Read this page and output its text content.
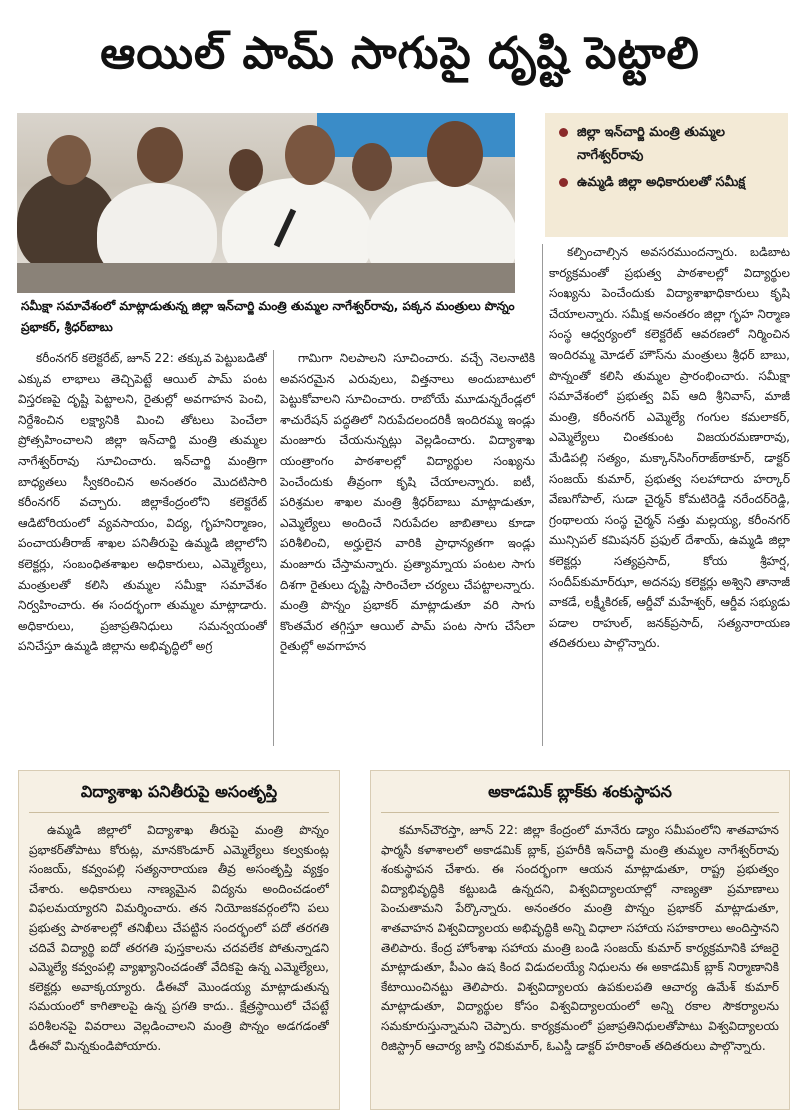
ఆయిల్ పామ్ సాగుపై దృష్టి పెట్టాలి
సమీక్షా సమావేశంలో మాట్లాడుతున్న జిల్లా ఇన్‌చార్జి మంత్రి తుమ్మల నాగేశ్వర్‌రావు, పక్కన మంత్రులు పొన్నం ప్రభాకర్, శ్రీధర్‌బాబు
జిల్లా ఇన్‌చార్జి మంత్రి తుమ్మల నాగేశ్వర్‌రావు
ఉమ్మడి జిల్లా అధికారులతో సమీక్ష

కరీంనగర్ కలెక్టరేట్, జూన్ 22: తక్కువ పెట్టుబడితో ఎక్కువ లాభాలు తెచ్చిపెట్టే ఆయిల్ పామ్ పంట విస్తరణపై దృష్టి పెట్టాలని, రైతుల్లో అవగాహన పెంచి, నిర్దేశించిన లక్ష్యానికి మించి తోటలు పెంచేలా ప్రోత్సహించాలని జిల్లా ఇన్‌చార్జి మంత్రి తుమ్మల నాగేశ్వర్‌రావు సూచించారు. ఇన్‌చార్జి మంత్రిగా బాధ్యతలు స్వీకరించిన అనంతరం మొదటిసారి కరీంనగర్ వచ్చారు. జిల్లాకేంద్రంలోని కలెక్టరేట్ ఆడిటోరియంలో వ్యవసాయం, విద్య, గృహనిర్మాణం, పంచాయతీరాజ్ శాఖల పనితీరుపై ఉమ్మడి జిల్లాలోని కలెక్టర్లు, సంబంధితశాఖల అధికారులు, ఎమ్మెల్యేలు, మంత్రులతో కలిసి తుమ్మల సమీక్షా సమావేశం నిర్వహించారు. ఈ సందర్భంగా తుమ్మల మాట్లాడారు. అధికారులు, ప్రజాప్రతినిధులు సమన్వయంతో పనిచేస్తూ ఉమ్మడి జిల్లాను అభివృద్ధిలో అగ్ర

గామిగా నిలపాలని సూచించారు. వచ్చే నెలనాటికి అవసరమైన ఎరువులు, విత్తనాలు అందుబాటులో పెట్టుకోవాలని సూచించారు. రాబోయే మూడున్నరేండ్లలో శాచురేషన్ పద్ధతిలో నిరుపేదలందరికీ ఇందిరమ్మ ఇండ్లు మంజూరు చేయనున్నట్లు వెల్లడించారు. విద్యాశాఖ యంత్రాంగం పాఠశాలల్లో విద్యార్థుల సంఖ్యను పెంచేందుకు తీవ్రంగా కృషి చేయాలన్నారు. ఐటీ, పరిశ్రమల శాఖల మంత్రి శ్రీధర్‌బాబు మాట్లాడుతూ, ఎమ్మెల్యేలు అందించే నిరుపేదల జాబితాలు కూడా పరిశీలించి, అర్హులైన వారికి ప్రాధాన్యతగా ఇండ్లు మంజూరు చేస్తామన్నారు. ప్రత్యామ్నాయ పంటల సాగు దిశగా రైతులు దృష్టి సారించేలా చర్యలు చేపట్టాలన్నారు. మంత్రి పొన్నం ప్రభాకర్ మాట్లాడుతూ వరి సాగు కొంతమేర తగ్గిస్తూ ఆయిల్ పామ్ పంట సాగు చేసేలా రైతుల్లో అవగాహన

కల్పించాల్సిన అవసరముందన్నారు. బడిబాట కార్యక్రమంతో ప్రభుత్వ పాఠశాలల్లో విద్యార్థుల సంఖ్యను పెంచేందుకు విద్యాశాఖాధికారులు కృషి చేయాలన్నారు. సమీక్ష అనంతరం జిల్లా గృహ నిర్మాణ సంస్థ ఆధ్వర్యంలో కలెక్టరేట్ ఆవరణలో నిర్మించిన ఇందిరమ్మ మోడల్ హౌస్‌ను మంత్రులు శ్రీధర్ బాబు, పొన్నంతో కలిసి తుమ్మల ప్రారంభించారు. సమీక్షా సమావేశంలో ప్రభుత్వ విప్ ఆది శ్రీనివాస్, మాజీ మంత్రి, కరీంనగర్ ఎమ్మెల్యే గంగుల కమలాకర్, ఎమ్మెల్యేలు చింతకుంట విజయరమణారావు, మేడిపల్లి సత్యం, మక్కాన్‌సింగ్‌రాజ్‌ఠాకూర్, డాక్టర్ సంజయ్ కుమార్, ప్రభుత్వ సలహాదారు హర్కార్ వేణుగోపాల్, సుడా చైర్మన్ కోమటిరెడ్డి నరేందర్‌రెడ్డి, గ్రంథాలయ సంస్థ చైర్మన్ సత్తు మల్లయ్య, కరీంనగర్ మున్సిపల్ కమిషనర్ ప్రఫుల్ దేశాయ్, ఉమ్మడి జిల్లా కలెక్టర్లు సత్యప్రసాద్, కోయ శ్రీహర్ష, సందీప్‌కుమార్‌ఝా, అదనపు కలెక్టర్లు అశ్విని తానాజీ వాకడే, లక్ష్మీకిరణ్, ఆర్డీవో మహేశ్వర్, ఆర్డీవ సభ్యుడు పడాల రాహుల్, జనక్‌ప్రసాద్, సత్యనారాయణ తదితరులు పాల్గొన్నారు.

విద్యాశాఖ పనితీరుపై అసంతృప్తి

ఉమ్మడి జిల్లాలో విద్యాశాఖ తీరుపై మంత్రి పొన్నం ప్రభాకర్‌తోపాటు కోరుట్ల, మానకొండూర్ ఎమ్మెల్యేలు కల్వకుంట్ల సంజయ్, కవ్వంపల్లి సత్యనారాయణ తీవ్ర అసంతృప్తి వ్యక్తం చేశారు. అధికారులు నాణ్యమైన విద్యను అందించడంలో విఫలమయ్యారని విమర్శించారు. తన నియోజకవర్గంలోని పలు ప్రభుత్వ పాఠశాలల్లో తనిఖీలు చేపట్టిన సందర్భంలో పదో తరగతి చదివే విద్యార్థి ఐదో తరగతి పుస్తకాలను చదవలేక పోతున్నాడని ఎమ్మెల్యే కవ్వంపల్లి వ్యాఖ్యానించడంతో వేదికపై ఉన్న ఎమ్మెల్యేలు, కలెక్టర్లు అవాక్కయ్యారు. డీఈవో మొండయ్య మాట్లాడుతున్న సమయంలో కాగితాలపై ఉన్న ప్రగతి కాదు.. క్షేత్రస్థాయిలో చేపట్టే పరిశీలనపై వివరాలు వెల్లడించాలని మంత్రి పొన్నం అడగడంతో డీఈవో మిన్నకుండిపోయారు.

అకాడమిక్ బ్లాక్‌కు శంకుస్థాపన

కమాన్‌చౌరస్తా, జూన్ 22: జిల్లా కేంద్రంలో మానేరు డ్యాం సమీపంలోని శాతవాహన ఫార్మసీ కళాశాలలో అకాడమిక్ బ్లాక్, ప్రహరీకి ఇన్‌చార్జి మంత్రి తుమ్మల నాగేశ్వర్‌రావు శంకుస్థాపన చేశారు. ఈ సందర్భంగా ఆయన మాట్లాడుతూ, రాష్ట్ర ప్రభుత్వం విద్యాభివృద్ధికి కట్టుబడి ఉన్నదని, విశ్వవిద్యాలయాల్లో నాణ్యతా ప్రమాణాలు పెంచుతామని పేర్కొన్నారు. అనంతరం మంత్రి పొన్నం ప్రభాకర్ మాట్లాడుతూ, శాతవాహన విశ్వవిద్యాలయ అభివృద్ధికి అన్ని విధాలా సహాయ సహకారాలు అందిస్తానని తెలిపారు. కేంద్ర హోంశాఖ సహాయ మంత్రి బండి సంజయ్ కుమార్ కార్యక్రమానికి హాజరై మాట్లాడుతూ, పీఎం ఉష కింద విడుదలయ్యే నిధులను ఈ అకాడమిక్ బ్లాక్ నిర్మాణానికి కేటాయించినట్టు తెలిపారు. విశ్వవిద్యాలయ ఉపకులపతి ఆచార్య ఉమేశ్ కుమార్ మాట్లాడుతూ, విద్యార్థుల కోసం విశ్వవిద్యాలయంలో అన్ని రకాల సౌకర్యాలను సమకూరుస్తున్నామని చెప్పారు. కార్యక్రమంలో ప్రజాప్రతినిధులతోపాటు విశ్వవిద్యాలయ రిజిస్ట్రార్ ఆచార్య జాస్తి రవికుమార్, ఓఎస్డీ డాక్టర్ హరికాంత్ తదితరులు పాల్గొన్నారు.
